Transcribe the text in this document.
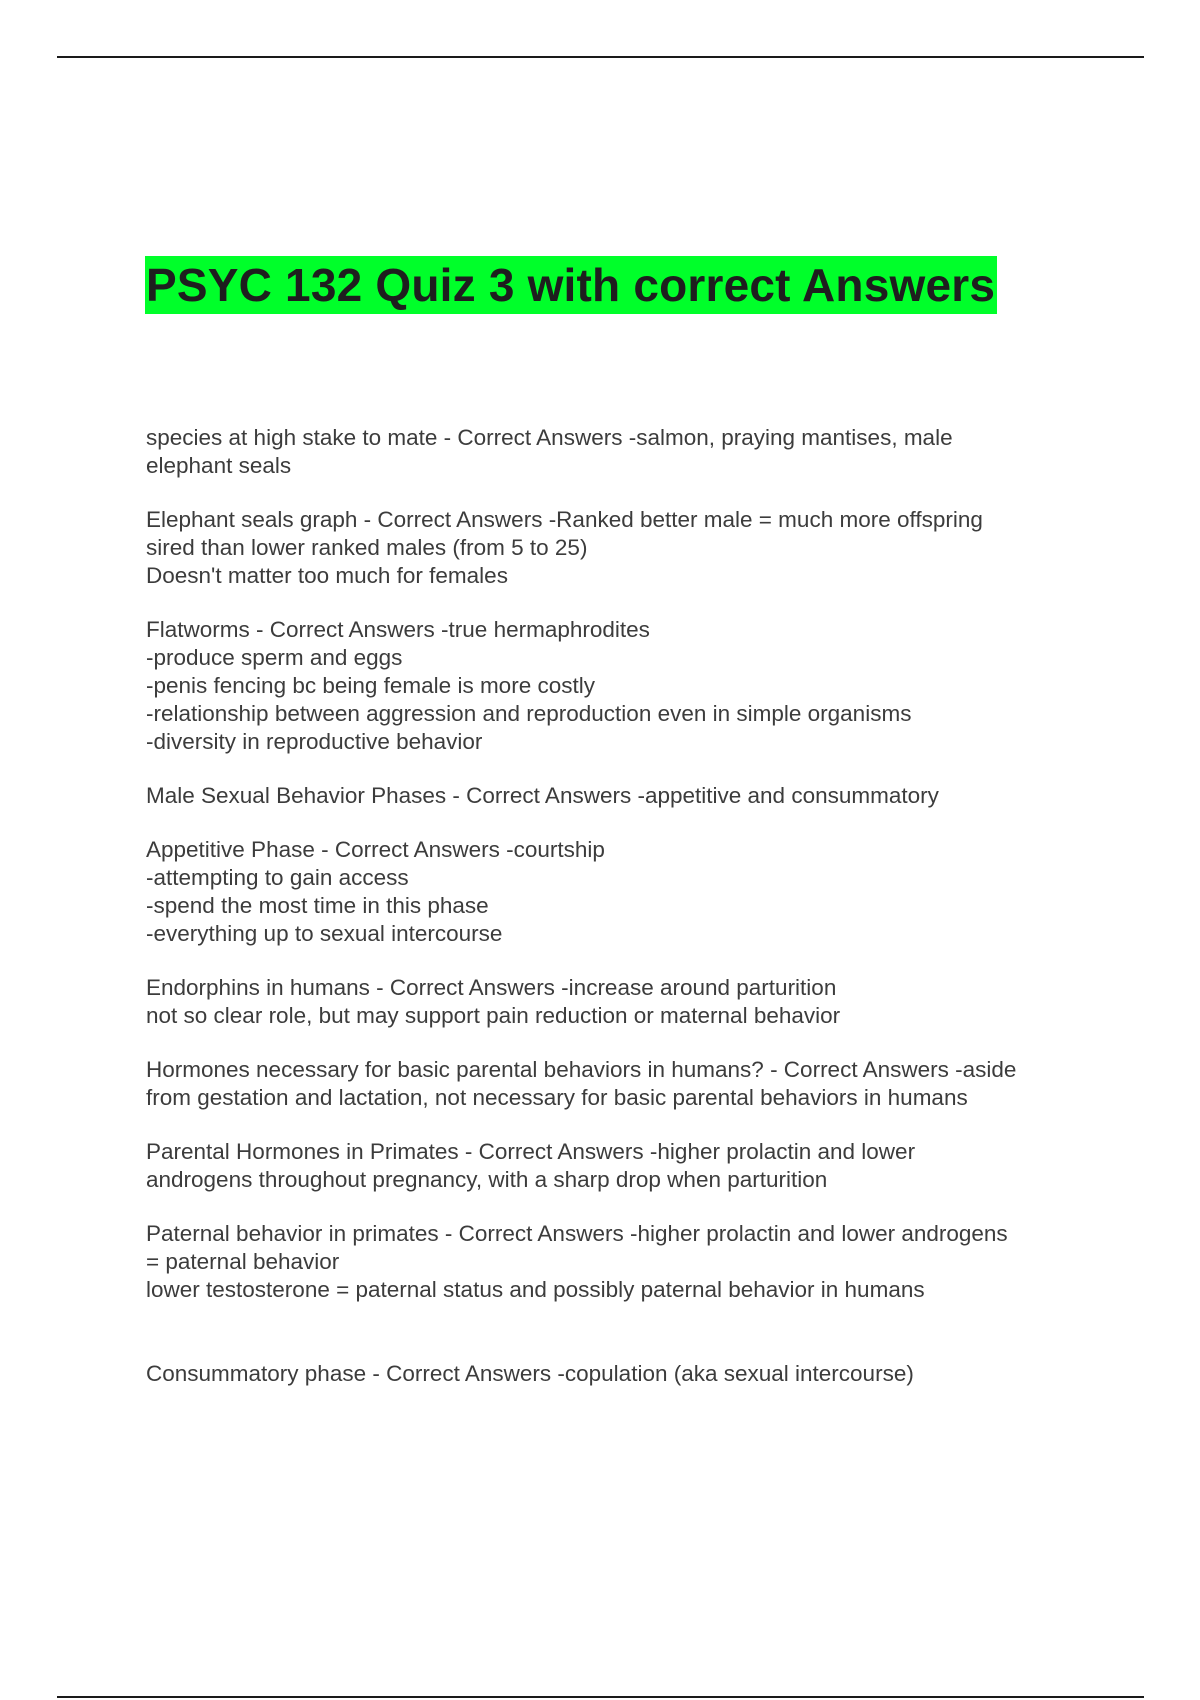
PSYC 132 Quiz 3 with correct Answers
species at high stake to mate - Correct Answers -salmon, praying mantises, male
elephant seals
Elephant seals graph - Correct Answers -Ranked better male = much more offspring
sired than lower ranked males (from 5 to 25)
Doesn't matter too much for females
Flatworms - Correct Answers -true hermaphrodites
-produce sperm and eggs
-penis fencing bc being female is more costly
-relationship between aggression and reproduction even in simple organisms
-diversity in reproductive behavior
Male Sexual Behavior Phases - Correct Answers -appetitive and consummatory
Appetitive Phase - Correct Answers -courtship
-attempting to gain access
-spend the most time in this phase
-everything up to sexual intercourse
Endorphins in humans - Correct Answers -increase around parturition
not so clear role, but may support pain reduction or maternal behavior
Hormones necessary for basic parental behaviors in humans? - Correct Answers -aside
from gestation and lactation, not necessary for basic parental behaviors in humans
Parental Hormones in Primates - Correct Answers -higher prolactin and lower
androgens throughout pregnancy, with a sharp drop when parturition
Paternal behavior in primates - Correct Answers -higher prolactin and lower androgens
= paternal behavior
lower testosterone = paternal status and possibly paternal behavior in humans
Consummatory phase - Correct Answers -copulation (aka sexual intercourse)
